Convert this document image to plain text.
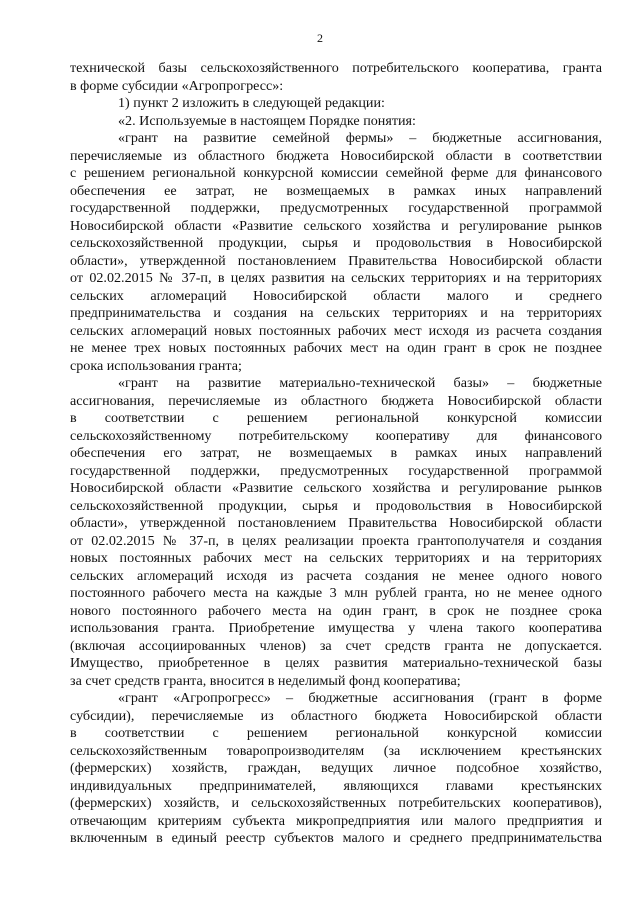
2
технической базы сельскохозяйственного потребительского кооператива, гранта
в форме субсидии «Агропрогресс»:
1) пункт 2 изложить в следующей редакции:
«2. Используемые в настоящем Порядке понятия:
«грант на развитие семейной фермы» – бюджетные ассигнования,
перечисляемые из областного бюджета Новосибирской области в соответствии
с решением региональной конкурсной комиссии семейной ферме для финансового
обеспечения ее затрат, не возмещаемых в рамках иных направлений
государственной поддержки, предусмотренных государственной программой
Новосибирской области «Развитие сельского хозяйства и регулирование рынков
сельскохозяйственной продукции, сырья и продовольствия в Новосибирской
области», утвержденной постановлением Правительства Новосибирской области
от 02.02.2015 № 37-п, в целях развития на сельских территориях и на территориях
сельских агломераций Новосибирской области малого и среднего
предпринимательства и создания на сельских территориях и на территориях
сельских агломераций новых постоянных рабочих мест исходя из расчета создания
не менее трех новых постоянных рабочих мест на один грант в срок не позднее
срока использования гранта;
«грант на развитие материально-технической базы» – бюджетные
ассигнования, перечисляемые из областного бюджета Новосибирской области
в соответствии с решением региональной конкурсной комиссии
сельскохозяйственному потребительскому кооперативу для финансового
обеспечения его затрат, не возмещаемых в рамках иных направлений
государственной поддержки, предусмотренных государственной программой
Новосибирской области «Развитие сельского хозяйства и регулирование рынков
сельскохозяйственной продукции, сырья и продовольствия в Новосибирской
области», утвержденной постановлением Правительства Новосибирской области
от 02.02.2015 № 37-п, в целях реализации проекта грантополучателя и создания
новых постоянных рабочих мест на сельских территориях и на территориях
сельских агломераций исходя из расчета создания не менее одного нового
постоянного рабочего места на каждые 3 млн рублей гранта, но не менее одного
нового постоянного рабочего места на один грант, в срок не позднее срока
использования гранта. Приобретение имущества у члена такого кооператива
(включая ассоциированных членов) за счет средств гранта не допускается.
Имущество, приобретенное в целях развития материально-технической базы
за счет средств гранта, вносится в неделимый фонд кооператива;
«грант «Агропрогресс» – бюджетные ассигнования (грант в форме
субсидии), перечисляемые из областного бюджета Новосибирской области
в соответствии с решением региональной конкурсной комиссии
сельскохозяйственным товаропроизводителям (за исключением крестьянских
(фермерских) хозяйств, граждан, ведущих личное подсобное хозяйство,
индивидуальных предпринимателей, являющихся главами крестьянских
(фермерских) хозяйств, и сельскохозяйственных потребительских кооперативов),
отвечающим критериям субъекта микропредприятия или малого предприятия и
включенным в единый реестр субъектов малого и среднего предпринимательства
